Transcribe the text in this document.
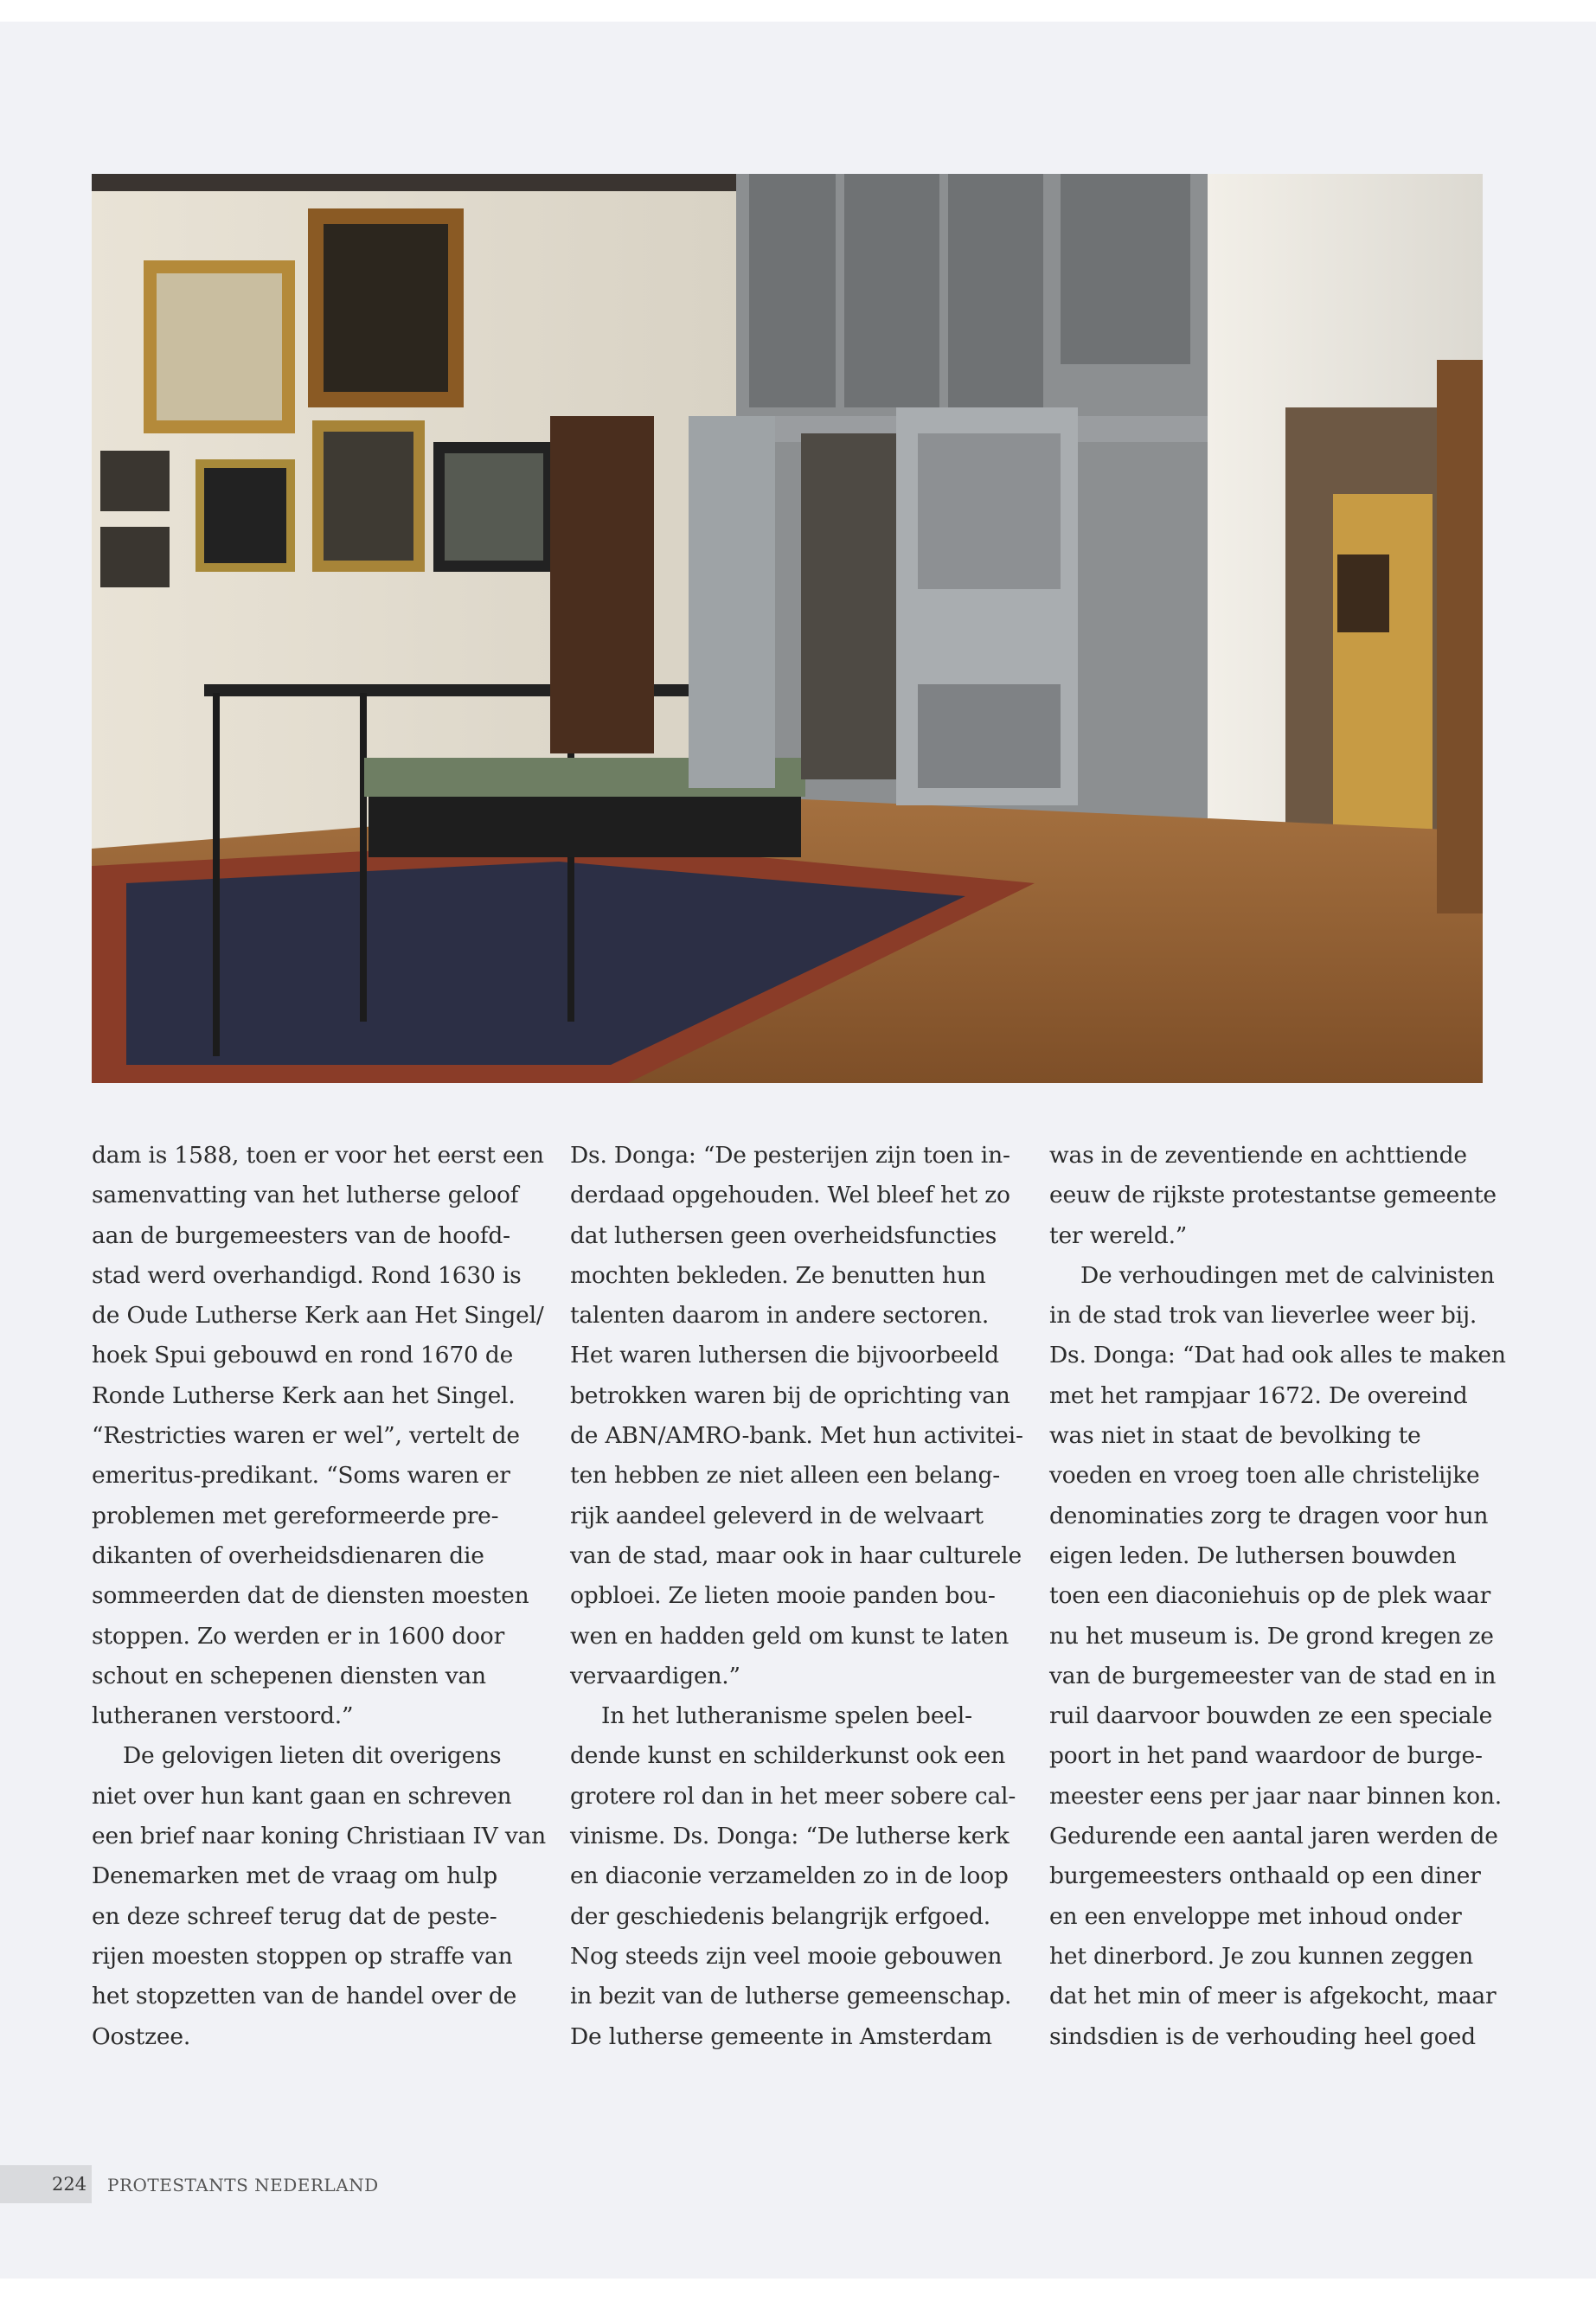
dam is 1588, toen er voor het eerst een
samenvatting van het lutherse geloof
aan de burgemeesters van de hoofd-
stad werd overhandigd. Rond 1630 is
de Oude Lutherse Kerk aan Het Singel/
hoek Spui gebouwd en rond 1670 de
Ronde Lutherse Kerk aan het Singel.
“Restricties waren er wel”, vertelt de
emeritus-predikant. “Soms waren er
problemen met gereformeerde pre-
dikanten of overheidsdienaren die
sommeerden dat de diensten moesten
stoppen. Zo werden er in 1600 door
schout en schepenen diensten van
lutheranen verstoord.”
De gelovigen lieten dit overigens
niet over hun kant gaan en schreven
een brief naar koning Christiaan IV van
Denemarken met de vraag om hulp
en deze schreef terug dat de peste-
rijen moesten stoppen op straffe van
het stopzetten van de handel over de
Oostzee.
Ds. Donga: “De pesterijen zijn toen in-
derdaad opgehouden. Wel bleef het zo
dat luthersen geen overheidsfuncties
mochten bekleden. Ze benutten hun
talenten daarom in andere sectoren.
Het waren luthersen die bijvoorbeeld
betrokken waren bij de oprichting van
de ABN/AMRO-bank. Met hun activitei-
ten hebben ze niet alleen een belang-
rijk aandeel geleverd in de welvaart
van de stad, maar ook in haar culturele
opbloei. Ze lieten mooie panden bou-
wen en hadden geld om kunst te laten
vervaardigen.”
In het lutheranisme spelen beel-
dende kunst en schilderkunst ook een
grotere rol dan in het meer sobere cal-
vinisme. Ds. Donga: “De lutherse kerk
en diaconie verzamelden zo in de loop
der geschiedenis belangrijk erfgoed.
Nog steeds zijn veel mooie gebouwen
in bezit van de lutherse gemeenschap.
De lutherse gemeente in Amsterdam
was in de zeventiende en achttiende
eeuw de rijkste protestantse gemeente
ter wereld.”
De verhoudingen met de calvinisten
in de stad trok van lieverlee weer bij.
Ds. Donga: “Dat had ook alles te maken
met het rampjaar 1672. De overeind
was niet in staat de bevolking te
voeden en vroeg toen alle christelijke
denominaties zorg te dragen voor hun
eigen leden. De luthersen bouwden
toen een diaconiehuis op de plek waar
nu het museum is. De grond kregen ze
van de burgemeester van de stad en in
ruil daarvoor bouwden ze een speciale
poort in het pand waardoor de burge-
meester eens per jaar naar binnen kon.
Gedurende een aantal jaren werden de
burgemeesters onthaald op een diner
en een enveloppe met inhoud onder
het dinerbord. Je zou kunnen zeggen
dat het min of meer is afgekocht, maar
sindsdien is de verhouding heel goed
224 PROTESTANTS NEDERLAND
